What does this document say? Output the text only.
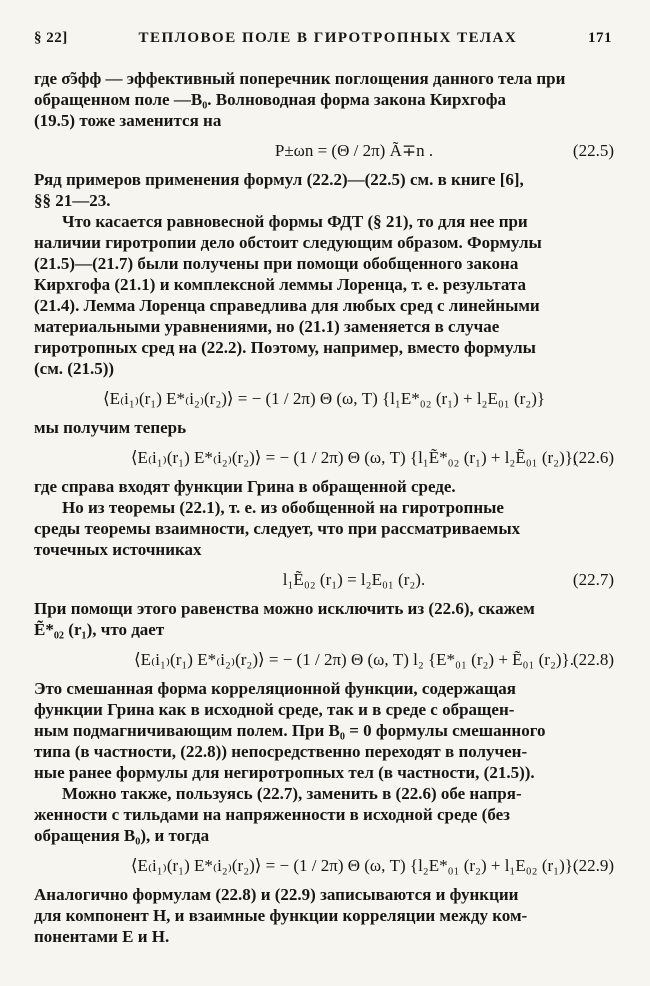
§ 22]	ТЕПЛОВОЕ ПОЛЕ В ГИРОТРОПНЫХ ТЕЛАХ	171

где σ̃эфф — эффективный поперечник поглощения данного тела при

обращенном поле —B₀. Волноводная форма закона Кирхгофа

(19.5) тоже заменится на

P±ωn = (Θ / 2π) Ã∓n .	(22.5)

Ряд примеров применения формул (22.2)—(22.5) см. в книге [6],

§§ 21—23.

Что касается равновесной формы ФДТ (§ 21), то для нее при

наличии гиротропии дело обстоит следующим образом. Формулы

(21.5)—(21.7) были получены при помощи обобщенного закона

Кирхгофа (21.1) и комплексной леммы Лоренца, т. е. результата

(21.4). Лемма Лоренца справедлива для любых сред с линейными

материальными уравнениями, но (21.1) заменяется в случае

гиротропных сред на (22.2). Поэтому, например, вместо формулы

(см. (21.5))

⟨E₍i₁₎(r₁) E*₍i₂₎(r₂)⟩ = − (1 / 2π) Θ (ω, T) {l₁E*₀₂ (r₁) + l₂E₀₁ (r₂)}

мы получим теперь

⟨E₍i₁₎(r₁) E*₍i₂₎(r₂)⟩ = − (1 / 2π) Θ (ω, T) {l₁Ẽ*₀₂ (r₁) + l₂Ẽ₀₁ (r₂)},
(22.6)

где справа входят функции Грина в обращенной среде.

Но из теоремы (22.1), т. е. из обобщенной на гиротропные

среды теоремы взаимности, следует, что при рассматриваемых

точечных источниках

l₁Ẽ₀₂ (r₁) = l₂E₀₁ (r₂).	(22.7)

При помощи этого равенства можно исключить из (22.6), скажем

Ẽ*₀₂ (r₁), что дает

⟨E₍i₁₎(r₁) E*₍i₂₎(r₂)⟩ = − (1 / 2π) Θ (ω, T) l₂ {E*₀₁ (r₂) + Ẽ₀₁ (r₂)}.
(22.8)

Это смешанная форма корреляционной функции, содержащая

функции Грина как в исходной среде, так и в среде с обращен-

ным подмагничивающим полем. При B₀ = 0 формулы смешанного

типа (в частности, (22.8)) непосредственно переходят в получен-

ные ранее формулы для негиротропных тел (в частности, (21.5)).

Можно также, пользуясь (22.7), заменить в (22.6) обе напря-

женности с тильдами на напряженности в исходной среде (без

обращения B₀), и тогда

⟨E₍i₁₎(r₁) E*₍i₂₎(r₂)⟩ = − (1 / 2π) Θ (ω, T) {l₂E*₀₁ (r₂) + l₁E₀₂ (r₁)}.
(22.9)

Аналогично формулам (22.8) и (22.9) записываются и функции

для компонент H, и взаимные функции корреляции между ком-

понентами E и H.
